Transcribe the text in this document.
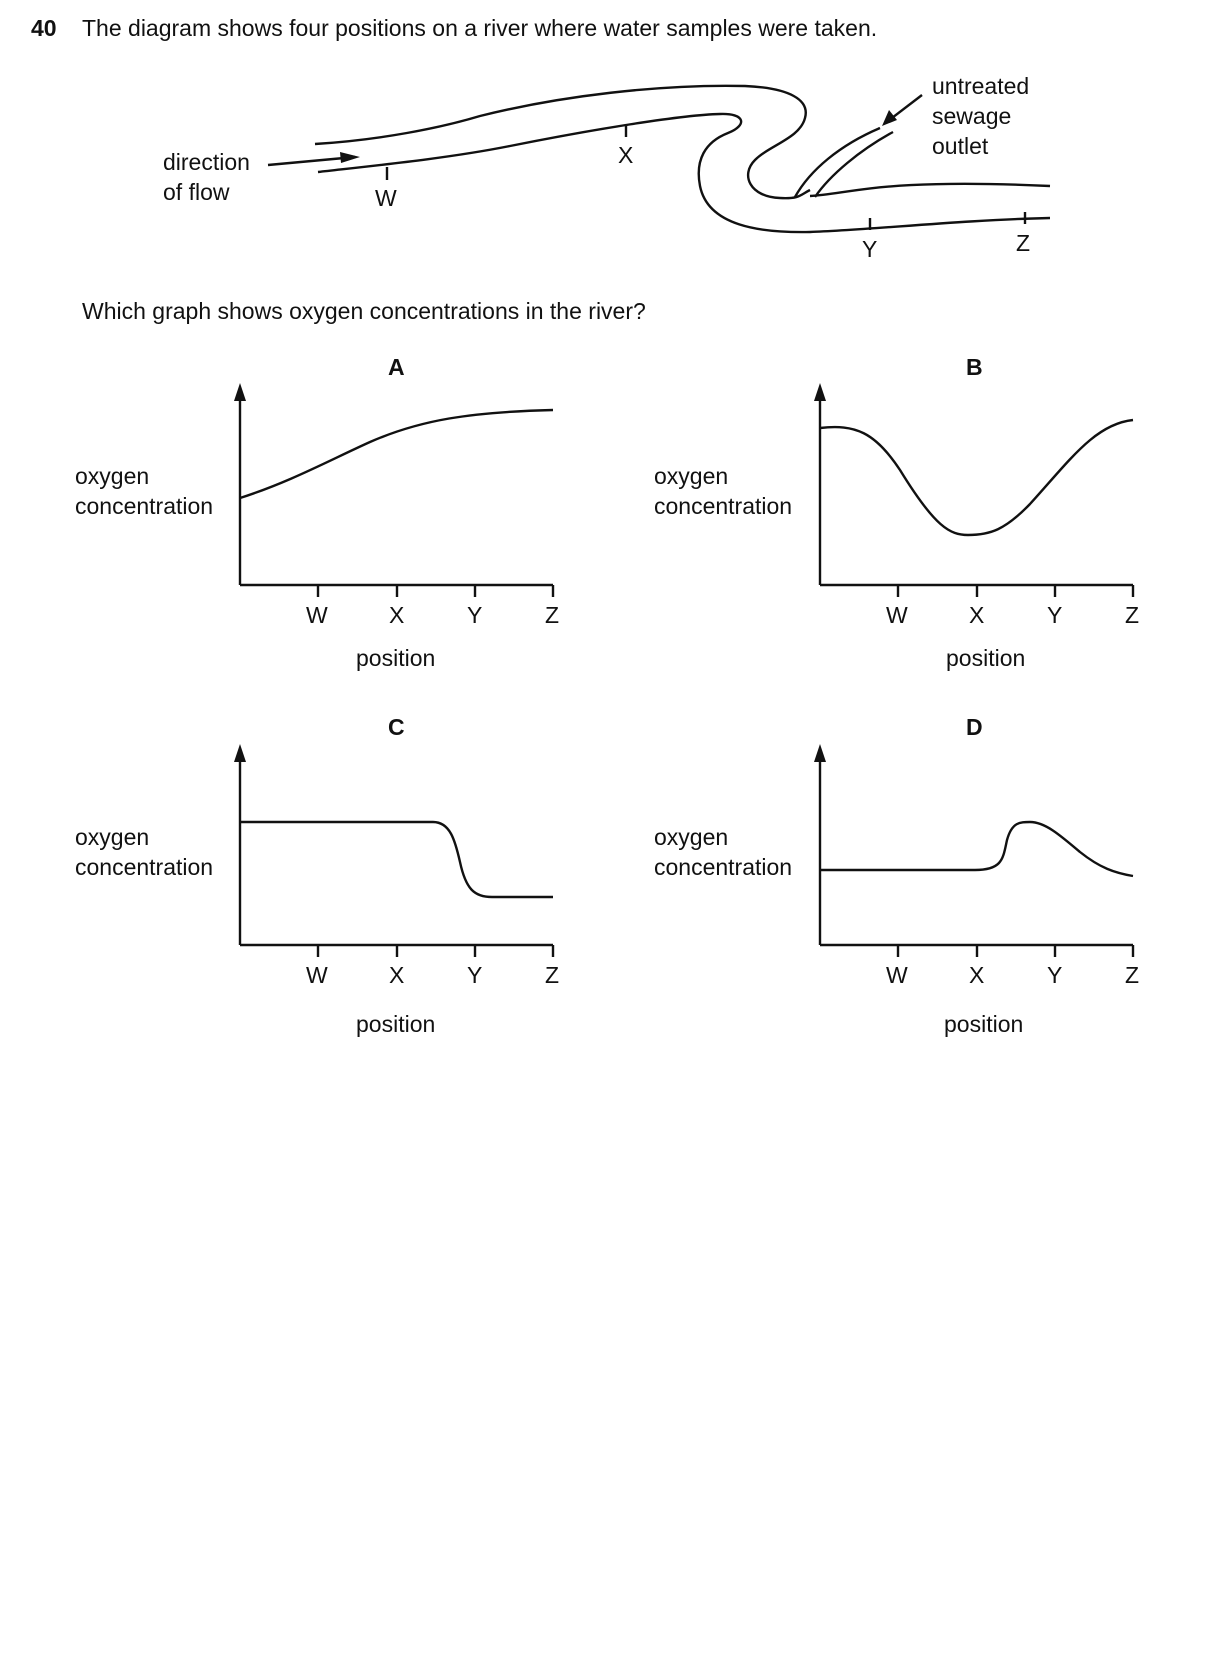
40 The diagram shows four positions on a river where water samples were taken.
direction
of flow
untreated
sewage
outlet
W
X
Y	Z
Which graph shows oxygen concentrations in the river?
A
oxygen
concentration
W	X	Y	Z
position
B
oxygen
concentration
W	X	Y	Z
position
C
oxygen
concentration
W	X	Y	Z
position
D
oxygen
concentration
W	X	Y	Z
position
